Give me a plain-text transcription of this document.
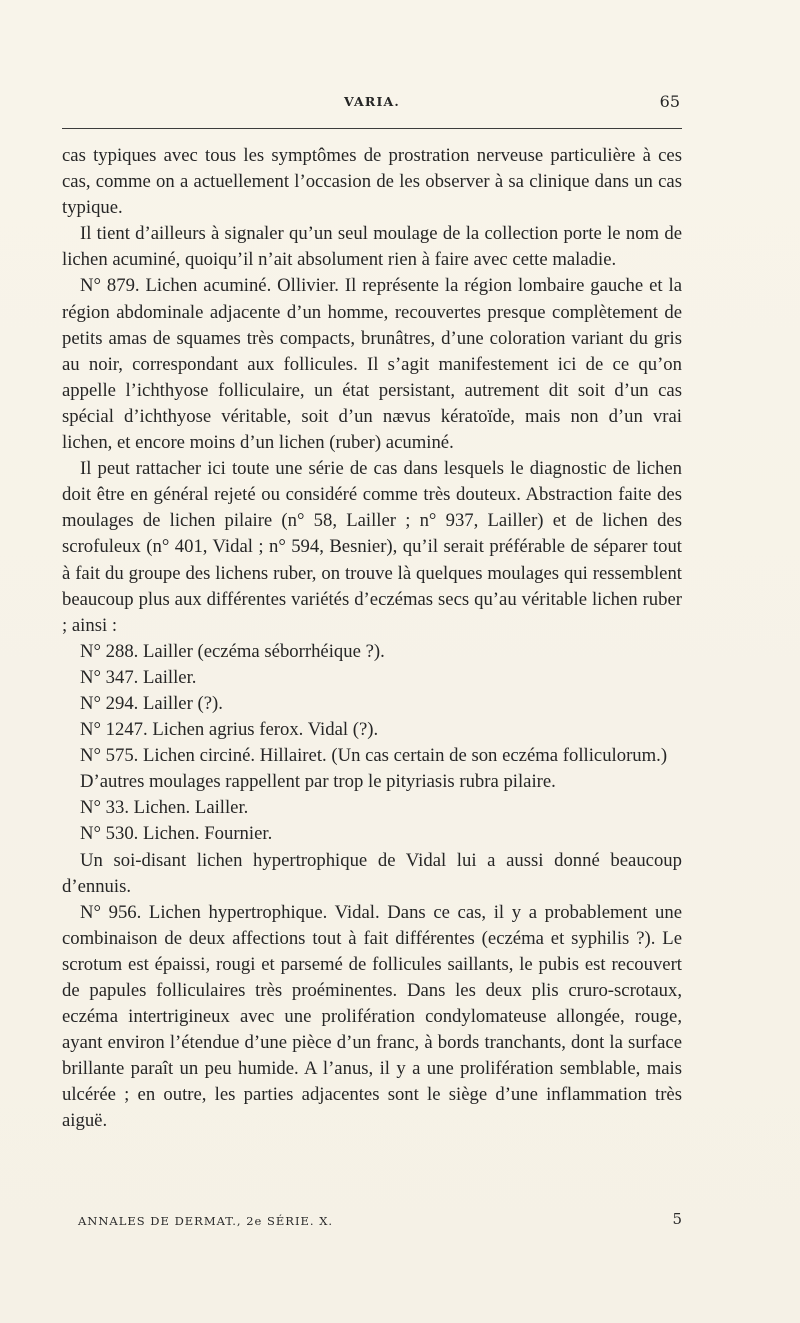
VARIA.	65

cas typiques avec tous les symptômes de prostration nerveuse particulière à ces cas, comme on a actuellement l’occasion de les observer à sa clinique dans un cas typique.

Il tient d’ailleurs à signaler qu’un seul moulage de la collection porte le nom de lichen acuminé, quoiqu’il n’ait absolument rien à faire avec cette maladie.

N° 879. Lichen acuminé. Ollivier. Il représente la région lombaire gauche et la région abdominale adjacente d’un homme, recouvertes presque complètement de petits amas de squames très compacts, brunâtres, d’une coloration variant du gris au noir, correspondant aux follicules. Il s’agit manifestement ici de ce qu’on appelle l’ichthyose folliculaire, un état persistant, autrement dit soit d’un cas spécial d’ichthyose véritable, soit d’un nævus kératoïde, mais non d’un vrai lichen, et encore moins d’un lichen (ruber) acuminé.

Il peut rattacher ici toute une série de cas dans lesquels le diagnostic de lichen doit être en général rejeté ou considéré comme très douteux. Abstraction faite des moulages de lichen pilaire (n° 58, Lailler ; n° 937, Lailler) et de lichen des scrofuleux (n° 401, Vidal ; n° 594, Besnier), qu’il serait préférable de séparer tout à fait du groupe des lichens ruber, on trouve là quelques moulages qui ressemblent beaucoup plus aux différentes variétés d’eczémas secs qu’au véritable lichen ruber ; ainsi :

N° 288. Lailler (eczéma séborrhéique ?).

N° 347. Lailler.

N° 294. Lailler (?).

N° 1247. Lichen agrius ferox. Vidal (?).

N° 575. Lichen circiné. Hillairet. (Un cas certain de son eczéma folliculorum.)

D’autres moulages rappellent par trop le pityriasis rubra pilaire.

N° 33. Lichen. Lailler.

N° 530. Lichen. Fournier.

Un soi-disant lichen hypertrophique de Vidal lui a aussi donné beaucoup d’ennuis.

N° 956. Lichen hypertrophique. Vidal. Dans ce cas, il y a probablement une combinaison de deux affections tout à fait différentes (eczéma et syphilis ?). Le scrotum est épaissi, rougi et parsemé de follicules saillants, le pubis est recouvert de papules folliculaires très proéminentes. Dans les deux plis cruro-scrotaux, eczéma intertrigineux avec une prolifération condylomateuse allongée, rouge, ayant environ l’étendue d’une pièce d’un franc, à bords tranchants, dont la surface brillante paraît un peu humide. A l’anus, il y a une prolifération semblable, mais ulcérée ; en outre, les parties adjacentes sont le siège d’une inflammation très aiguë.

ANNALES DE DERMAT., 2e SÉRIE. X.	5
